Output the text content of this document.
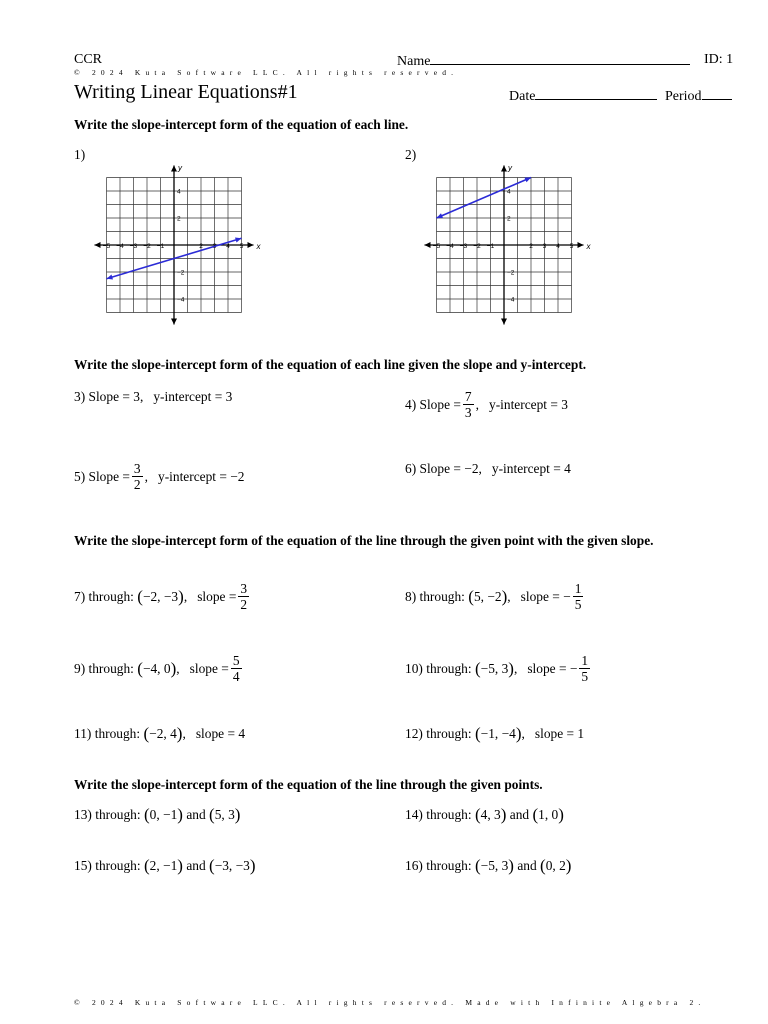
CCR	Name	ID: 1
© 2024 Kuta Software LLC. All rights reserved.
Writing Linear Equations#1	Date	Period
Write the slope-intercept form of the equation of each line.
1)	2)
x
y
−5 −4 −3 −2 −1	2	4 5
4
2
−2
−4
x
y
−5 −4 −3 −2 −1	2 3 4 5
4
2
−2
−4
Write the slope-intercept form of the equation of each line given the slope and y-intercept.
3)
Slope = 3,   y-intercept = 3
4)
Slope = $\frac{7}{3}$ ,   y-intercept = 3
5)
Slope = $\frac{3}{2}$ ,   y-intercept = −2
6)
Slope = −2,   y-intercept = 4
Write the slope-intercept form of the equation of the line through the given point with the given slope.
7)
through:
( −2, −3 ) ,   slope = $\frac{3}{2}$	8)
through:
( 5, −2 ) ,   slope = − $\frac{1}{5}$
9)
through:
( −4, 0 ) ,   slope = $\frac{5}{4}$	10)
through:
( −5, 3 ) ,   slope = − $\frac{1}{5}$
11)
through:
( −2, 4 ) ,   slope = 4	12)
through:
( −1, −4 ) ,   slope = 1
Write the slope-intercept form of the equation of the line through the given points.
13)
through:
( 0, −1 )
and
( 5, 3 )	14)
through:
( 4, 3 )
and
( 1, 0 )
15)
through:
( 2, −1 )
and
( −3, −3 )	16)
through:
( −5, 3 )
and
( 0, 2 )
© 2024 Kuta Software LLC. All rights reserved. Made with Infinite Algebra 2.
